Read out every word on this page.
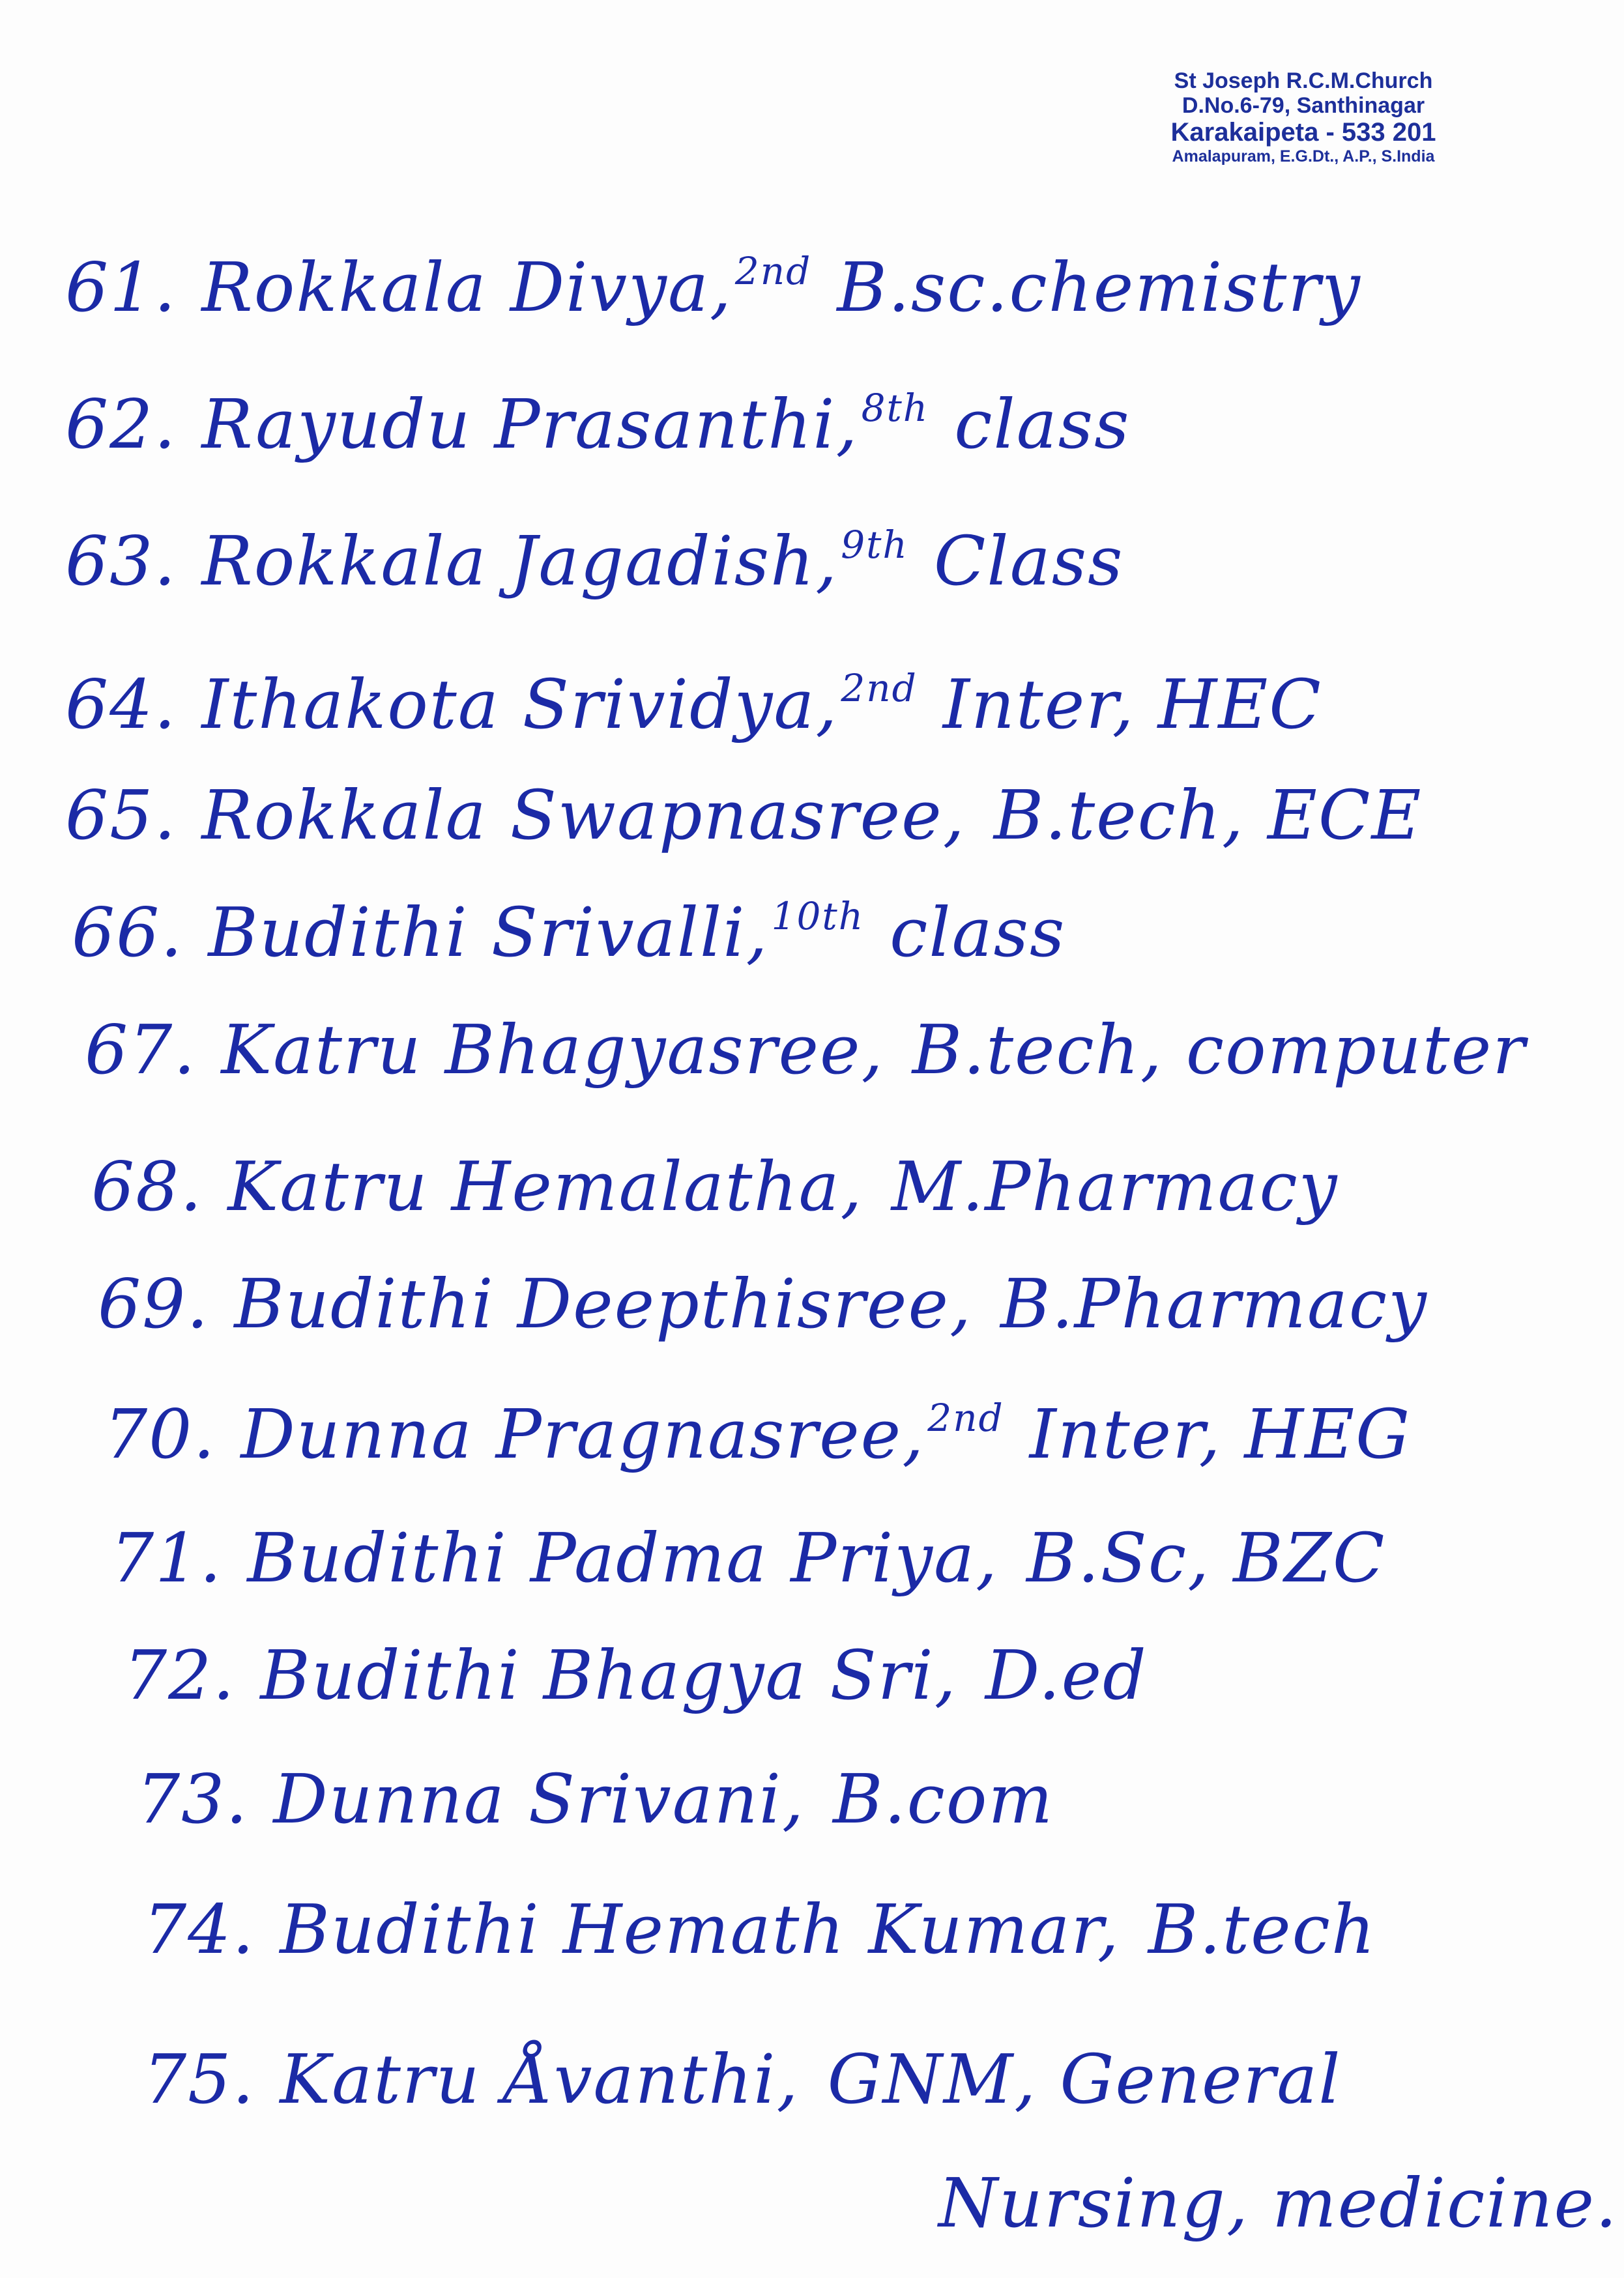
St Joseph R.C.M.Church
D.No.6-79, Santhinagar
Karakaipeta - 533 201
Amalapuram, E.G.Dt., A.P., S.India
61. Rokkala Divya,$^{2nd}$ B.sc.chemistry
62. Rayudu Prasanthi,$^{8th}$ class
63. Rokkala Jagadish,$^{9th}$ Class
64. Ithakota Srividya,$^{2nd}$ Inter, HEC
65. Rokkala Swapnasree, B.tech, ECE
66. Budithi Srivalli,$^{10th}$ class
67. Katru Bhagyasree, B.tech, computer
68. Katru Hemalatha, M.Pharmacy
69. Budithi Deepthisree, B.Pharmacy
70. Dunna Pragnasree,$^{2nd}$ Inter, HEG
71. Budithi Padma Priya, B.Sc, BZC
72. Budithi Bhagya Sri, D.ed
73. Dunna Srivani, B.com
74. Budithi Hemath Kumar, B.tech
75. Katru Åvanthi, GNM, General
Nursing, medicine.
